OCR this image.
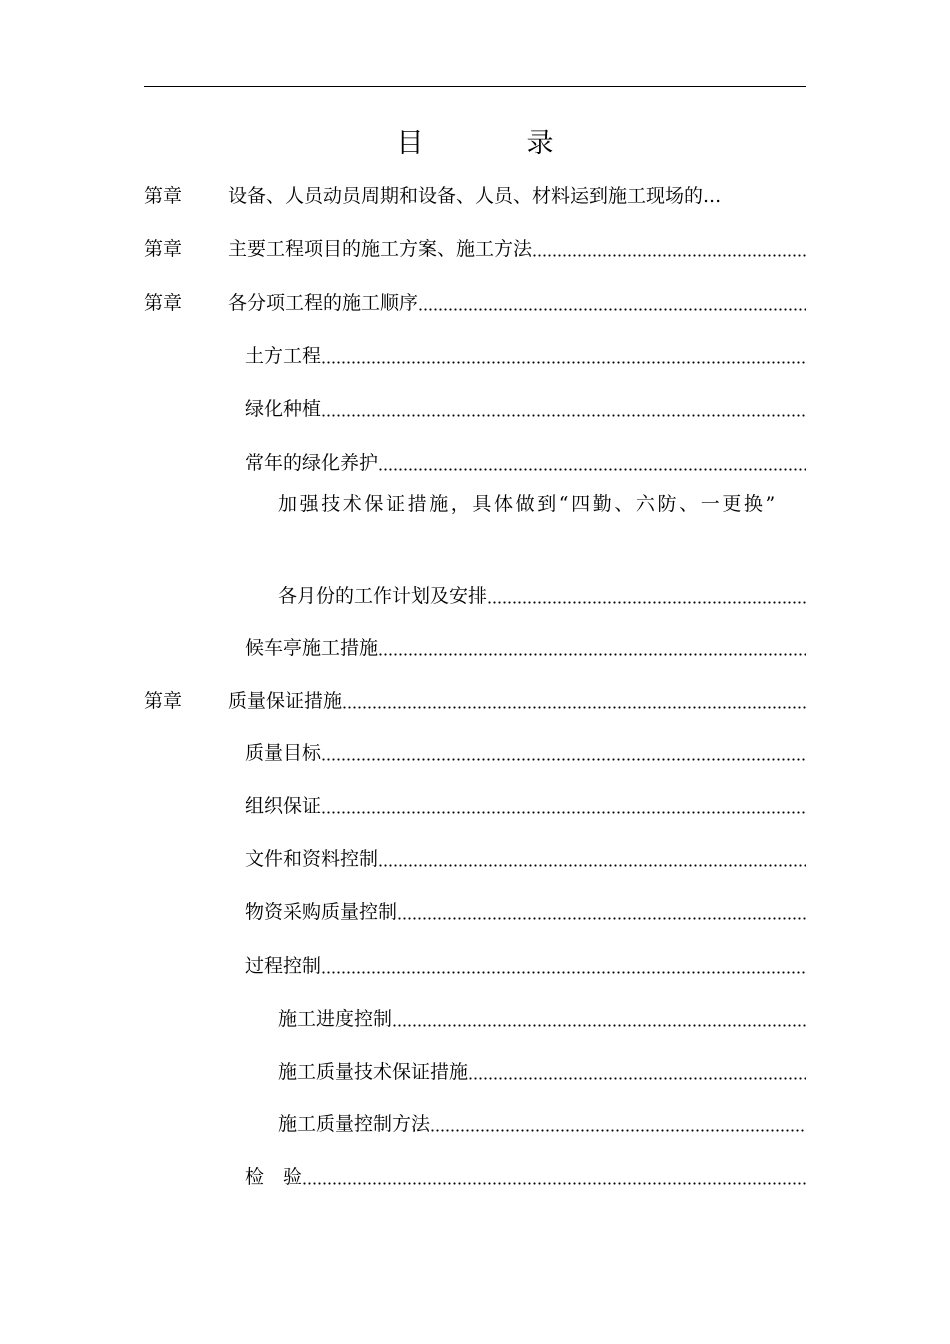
目　录
第章	设备、人员动员周期和设备、人员、材料运到施工现场的...
第章	主要工程项目的施工方案、施工方法
第章	各分项工程的施工顺序
土方工程
绿化种植
常年的绿化养护
加强技术保证措施，具体做到“四勤、六防、一更换”
各月份的工作计划及安排
候车亭施工措施
第章	质量保证措施
质量目标
组织保证
文件和资料控制
物资采购质量控制
过程控制
施工进度控制
施工质量技术保证措施
施工质量控制方法
检　验
